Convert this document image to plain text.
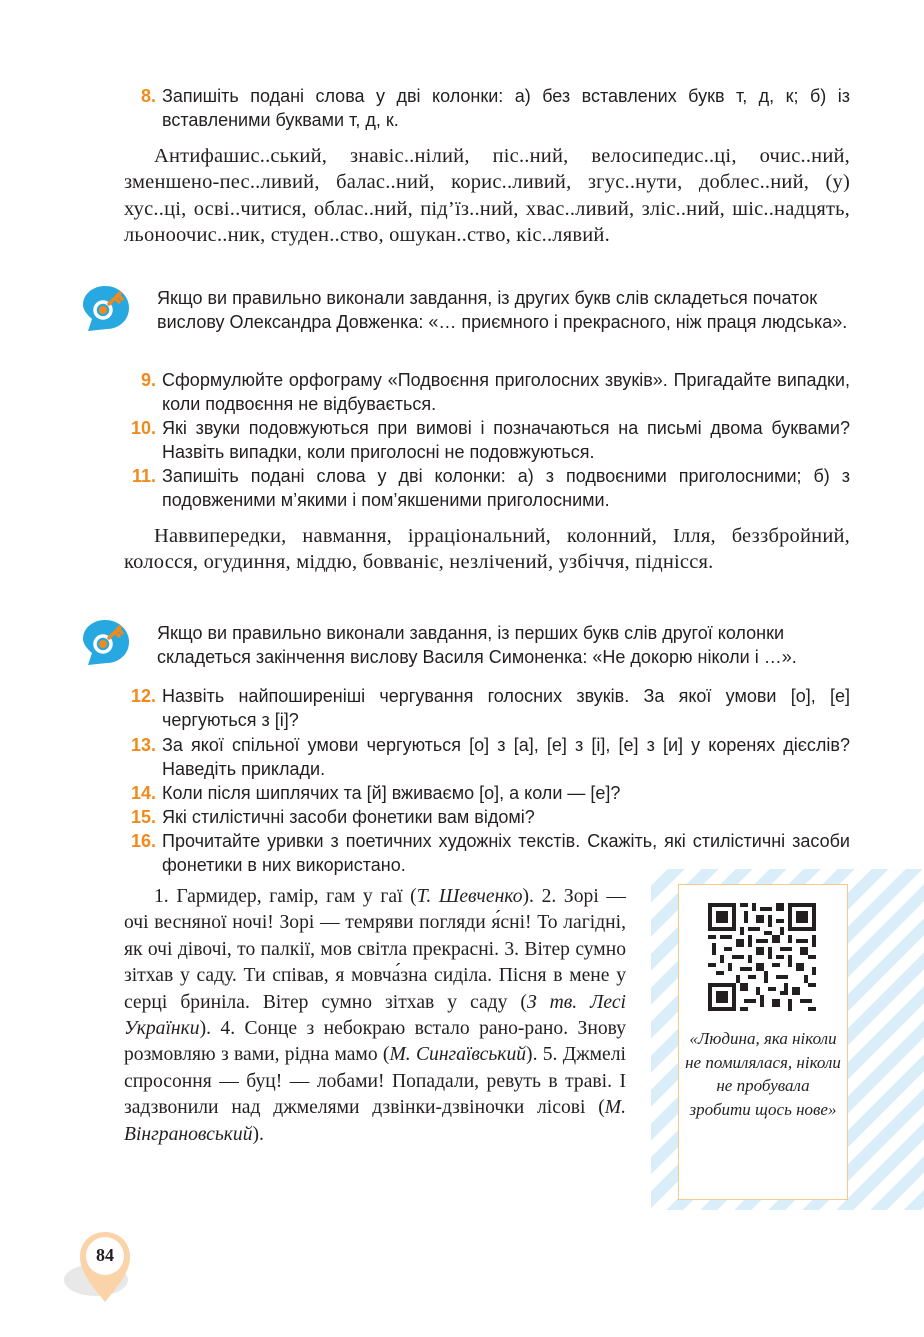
8. Запишіть подані слова у дві колонки: а) без вставлених букв т, д, к; б) із вставленими буквами т, д, к.
Антифашис..ський, знавіс..нілий, піс..ний, велосипедис..ці, очис..ний, зменшено-пес..ливий, балас..ний, корис..ливий, згус..нути, доблес..ний, (у) хус..ці, осві..читися, облас..ний, під’їз..ний, хвас..ливий, зліс..ний, шіс..надцять, льоноочис..ник, студен..ство, ошукан..ство, кіс..лявий.
Якщо ви правильно виконали завдання, із других букв слів складеться початок вислову Олександра Довженка: «… приємного і прекрасного, ніж праця людська».
9. Сформулюйте орфограму «Подвоєння приголосних звуків». Пригадайте випадки, коли подвоєння не відбувається.
10. Які звуки подовжуються при вимові і позначаються на письмі двома буквами? Назвіть випадки, коли приголосні не подовжуються.
11. Запишіть подані слова у дві колонки: а) з подвоєними приголосними; б) з подовженими м’якими і пом’якшеними приголосними.
Наввипередки, навмання, ірраціональний, колонний, Ілля, беззбройний, колосся, огудиння, міддю, бовваніє, незлічений, узбіччя, піднісся.
Якщо ви правильно виконали завдання, із перших букв слів другої колонки складеться закінчення вислову Василя Симоненка: «Не докорю ніколи і …».
12. Назвіть найпоширеніші чергування голосних звуків. За якої умови [о], [е] чергуються з [і]?
13. За якої спільної умови чергуються [о] з [а], [е] з [і], [е] з [и] у коренях дієслів? Наведіть приклади.
14. Коли після шиплячих та [й] вживаємо [о], а коли — [е]?
15. Які стилістичні засоби фонетики вам відомі?
16. Прочитайте уривки з поетичних художніх текстів. Скажіть, які стилістичні засоби фонетики в них використано.
1. Гармидер, гамір, гам у гаї (Т. Шевченко). 2. Зорі — очі весняної ночі! Зорі — темряви погляди я́сні! То лагідні, як очі дівочі, то палкії, мов світла прекрасні. 3. Вітер сумно зітхав у саду. Ти співав, я мовча́зна сиділа. Пісня в мене у серці бриніла. Вітер сумно зітхав у саду (З тв. Лесі Українки). 4. Сонце з небокраю встало рано-рано. Знову розмовляю з вами, рідна мамо (М. Сингаївський). 5. Джмелі спросоння — буц! — лобами! Попадали, ревуть в траві. І задзвонили над джмелями дзвінки-дзвіночки лісові (М. Вінграновський).
«Людина, яка ніколи не помилялася, ніколи не пробувала зробити щось нове»
84
